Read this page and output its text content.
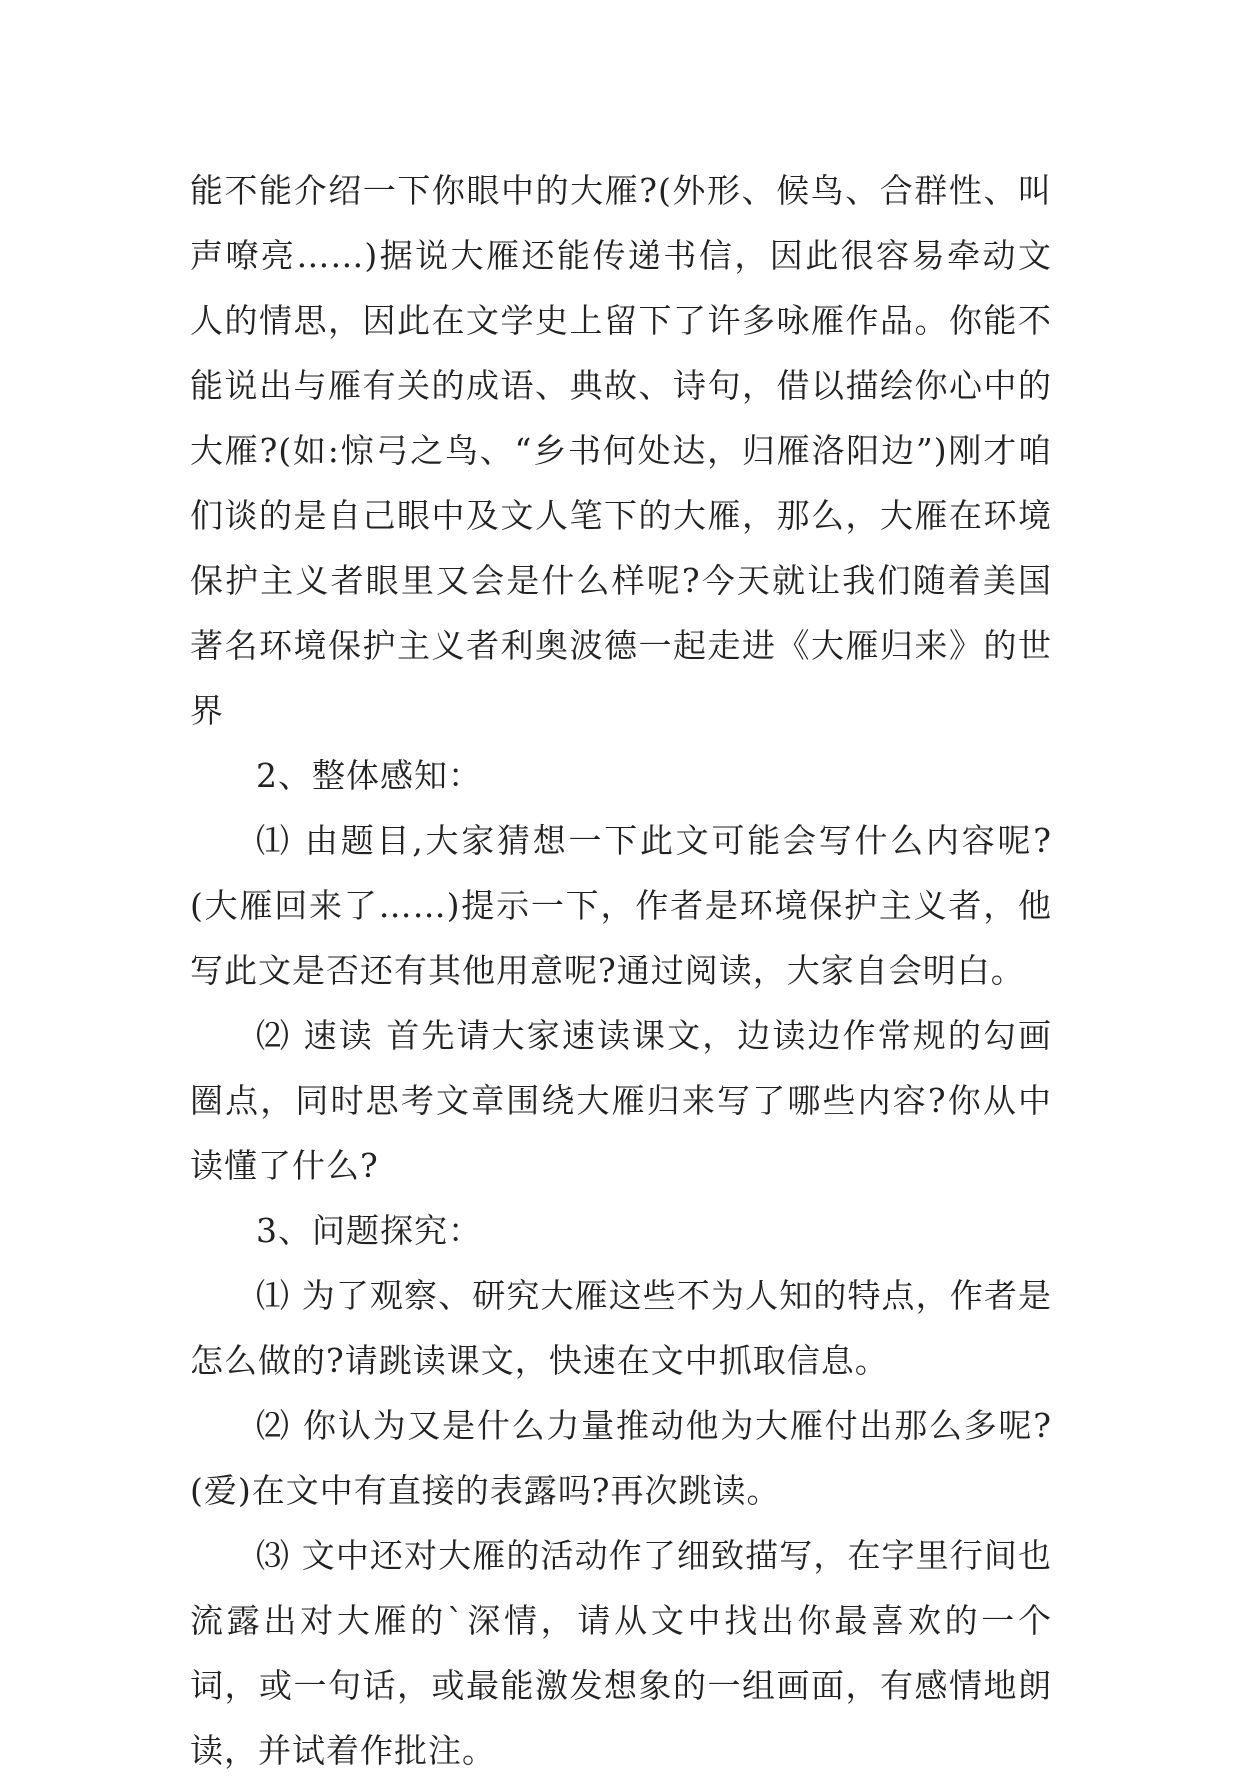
能不能介绍一下你眼中的大雁?(外形、候鸟、合群性、叫声嘹亮……)据说大雁还能传递书信，因此很容易牵动文人的情思，因此在文学史上留下了许多咏雁作品。你能不能说出与雁有关的成语、典故、诗句，借以描绘你心中的大雁?(如:惊弓之鸟、“乡书何处达，归雁洛阳边”)刚才咱们谈的是自己眼中及文人笔下的大雁，那么，大雁在环境保护主义者眼里又会是什么样呢?今天就让我们随着美国著名环境保护主义者利奥波德一起走进《大雁归来》的世界

2、整体感知：

⑴ 由题目,大家猜想一下此文可能会写什么内容呢?(大雁回来了……)提示一下，作者是环境保护主义者，他写此文是否还有其他用意呢?通过阅读，大家自会明白。

⑵ 速读 首先请大家速读课文，边读边作常规的勾画圈点，同时思考文章围绕大雁归来写了哪些内容?你从中读懂了什么?

3、问题探究：

⑴ 为了观察、研究大雁这些不为人知的特点，作者是怎么做的?请跳读课文，快速在文中抓取信息。

⑵ 你认为又是什么力量推动他为大雁付出那么多呢?(爱)在文中有直接的表露吗?再次跳读。

⑶ 文中还对大雁的活动作了细致描写，在字里行间也流露出对大雁的`深情，请从文中找出你最喜欢的一个词，或一句话，或最能激发想象的一组画面，有感情地朗读，并试着作批注。
